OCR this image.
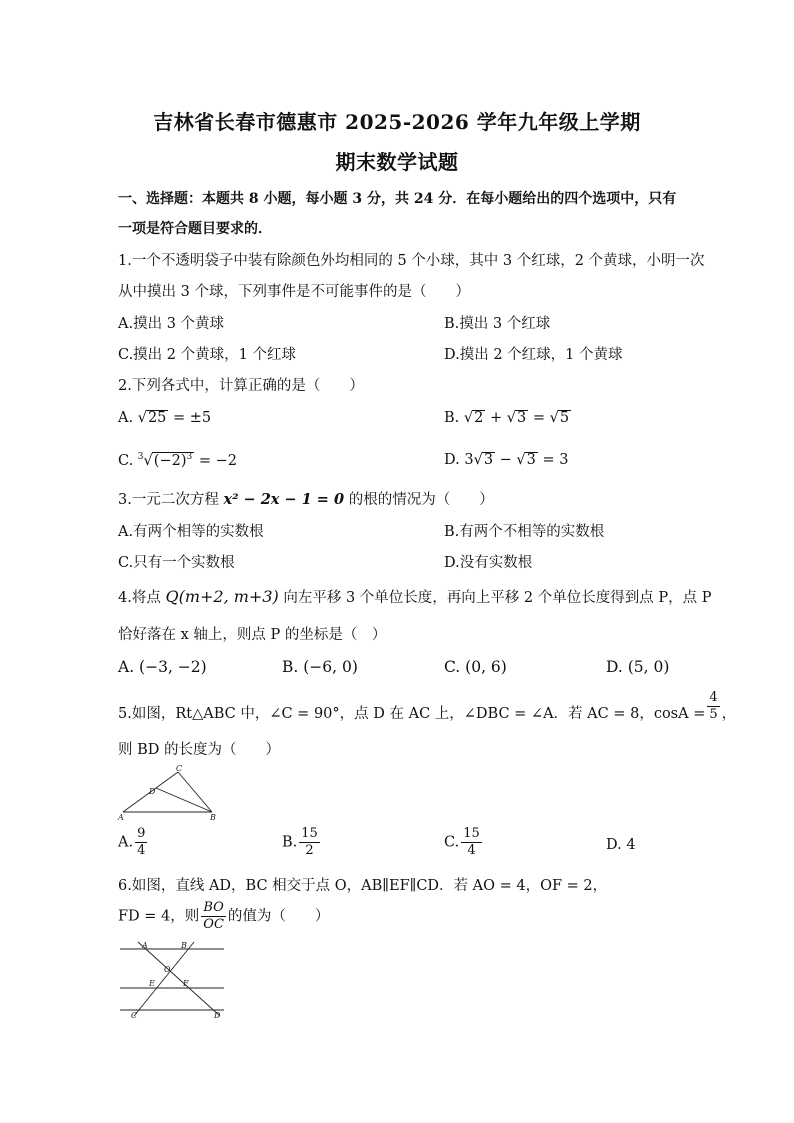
吉林省长春市德惠市 2025-2026 学年九年级上学期
期末数学试题
一、选择题：本题共 8 小题，每小题 3 分，共 24 分．在每小题给出的四个选项中，只有
一项是符合题目要求的．
1.一个不透明袋子中装有除颜色外均相同的 5 个小球，其中 3 个红球，2 个黄球，小明一次
从中摸出 3 个球，下列事件是不可能事件的是（　　）
A.摸出 3 个黄球	B.摸出 3 个红球
C.摸出 2 个黄球，1 个红球	D.摸出 2 个红球，1 个黄球
2.下列各式中，计算正确的是（　　）
A. √25 = ±5	B. √2 + √3 = √5
C. $^3√(-2)^3 = -2$	D. 3√3 − √3 = 3
3.一元二次方程 x² − 2x − 1 = 0 的根的情况为（　　）
A.有两个相等的实数根	B.有两个不相等的实数根
C.只有一个实数根	D.没有实数根
4.将点 Q(m+2, m+3) 向左平移 3 个单位长度，再向上平移 2 个单位长度得到点 P，点 P
恰好落在 x 轴上，则点 P 的坐标是（　）
A. (−3, −2)	B. (−6, 0)	C. (0, 6)	D. (5, 0)
5.如图，Rt△ABC 中，∠C = 90°，点 D 在 AC 上，∠DBC = ∠A．若 AC = 8，$\cos A = \frac{4}{5}$ ，
则 BD 的长度为（　　）
C
D
A	B
A. $\frac{9}{4}$	B. $\frac{15}{2}$	C. $\frac{15}{4}$	D. 4
6.如图，直线 AD，BC 相交于点 O，AB∥EF∥CD．若 AO = 4，OF = 2，
FD = 4，则 $\frac{BO}{OC}$ 的值为（　　）
A	B
O
E	F
C	D
